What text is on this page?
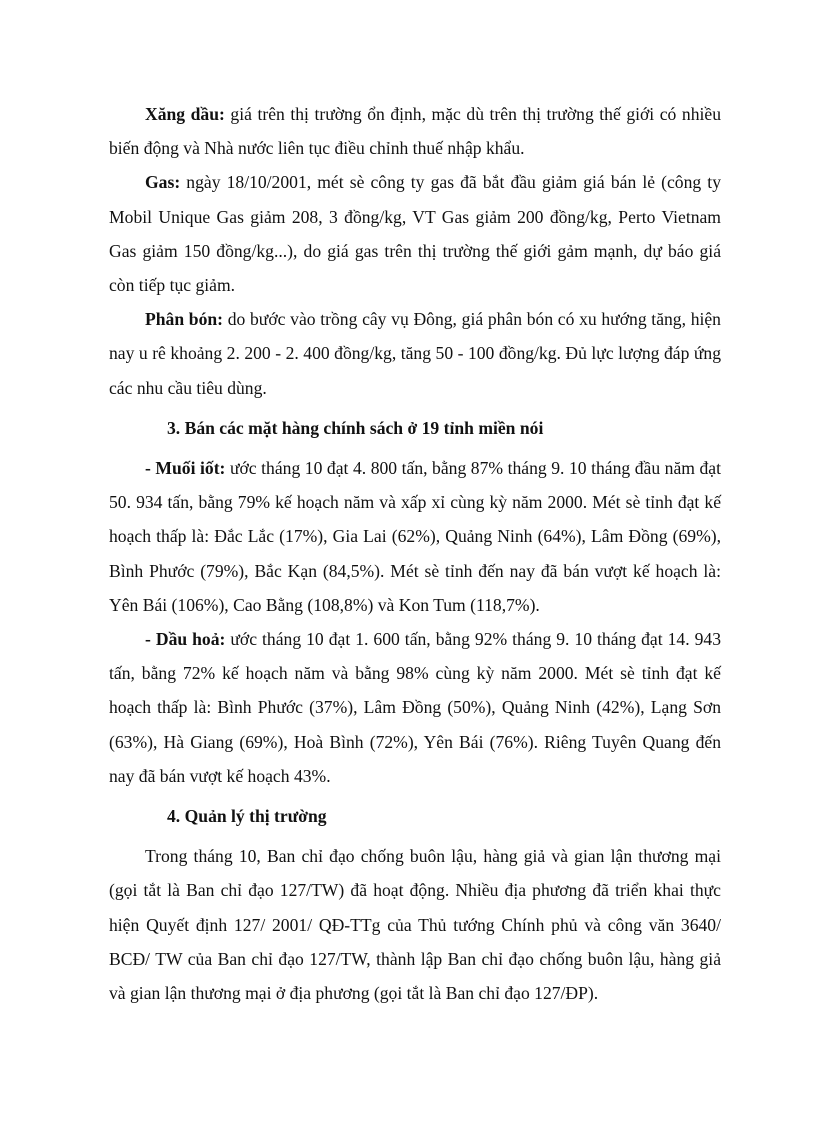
Xăng dầu: giá trên thị trường ổn định, mặc dù trên thị trường thế giới có nhiều biến động và Nhà nước liên tục điều chỉnh thuế nhập khẩu.

Gas: ngày 18/10/2001, mét sè công ty gas đã bắt đầu giảm giá bán lẻ (công ty Mobil Unique Gas giảm 208, 3 đồng/kg, VT Gas giảm 200 đồng/kg, Perto Vietnam Gas giảm 150 đồng/kg...), do giá gas trên thị trường thế giới gảm mạnh, dự báo giá còn tiếp tục giảm.

Phân bón: do bước vào trồng cây vụ Đông, giá phân bón có xu hướng tăng, hiện nay u rê khoảng 2. 200 - 2. 400 đồng/kg, tăng 50 - 100 đồng/kg. Đủ lực lượng đáp ứng các nhu cầu tiêu dùng.

3. Bán các mặt hàng chính sách ở 19 tỉnh miền nói

- Muối iốt: ước tháng 10 đạt 4. 800 tấn, bằng 87% tháng 9. 10 tháng đầu năm đạt 50. 934 tấn, bằng 79% kế hoạch năm và xấp xỉ cùng kỳ năm 2000. Mét sè tỉnh đạt kế hoạch thấp là: Đắc Lắc (17%), Gia Lai (62%), Quảng Ninh (64%), Lâm Đồng (69%), Bình Phước (79%), Bắc Kạn (84,5%). Mét sè tỉnh đến nay đã bán vượt kế hoạch là: Yên Bái (106%), Cao Bằng (108,8%) và Kon Tum (118,7%).

- Dầu hoả: ước tháng 10 đạt 1. 600 tấn, bằng 92% tháng 9. 10 tháng đạt 14. 943 tấn, bằng 72% kế hoạch năm và bằng 98% cùng kỳ năm 2000. Mét sè tỉnh đạt kế hoạch thấp là: Bình Phước (37%), Lâm Đồng (50%), Quảng Ninh (42%), Lạng Sơn (63%), Hà Giang (69%), Hoà Bình (72%), Yên Bái (76%). Riêng Tuyên Quang đến nay đã bán vượt kế hoạch 43%.

4. Quản lý thị trường

Trong tháng 10, Ban chỉ đạo chống buôn lậu, hàng giả và gian lận thương mại (gọi tắt là Ban chỉ đạo 127/TW) đã hoạt động. Nhiều địa phương đã triển khai thực hiện Quyết định 127/ 2001/ QĐ-TTg của Thủ tướng Chính phủ và công văn 3640/ BCĐ/ TW của Ban chỉ đạo 127/TW, thành lập Ban chỉ đạo chống buôn lậu, hàng giả và gian lận thương mại ở địa phương (gọi tắt là Ban chỉ đạo 127/ĐP).
